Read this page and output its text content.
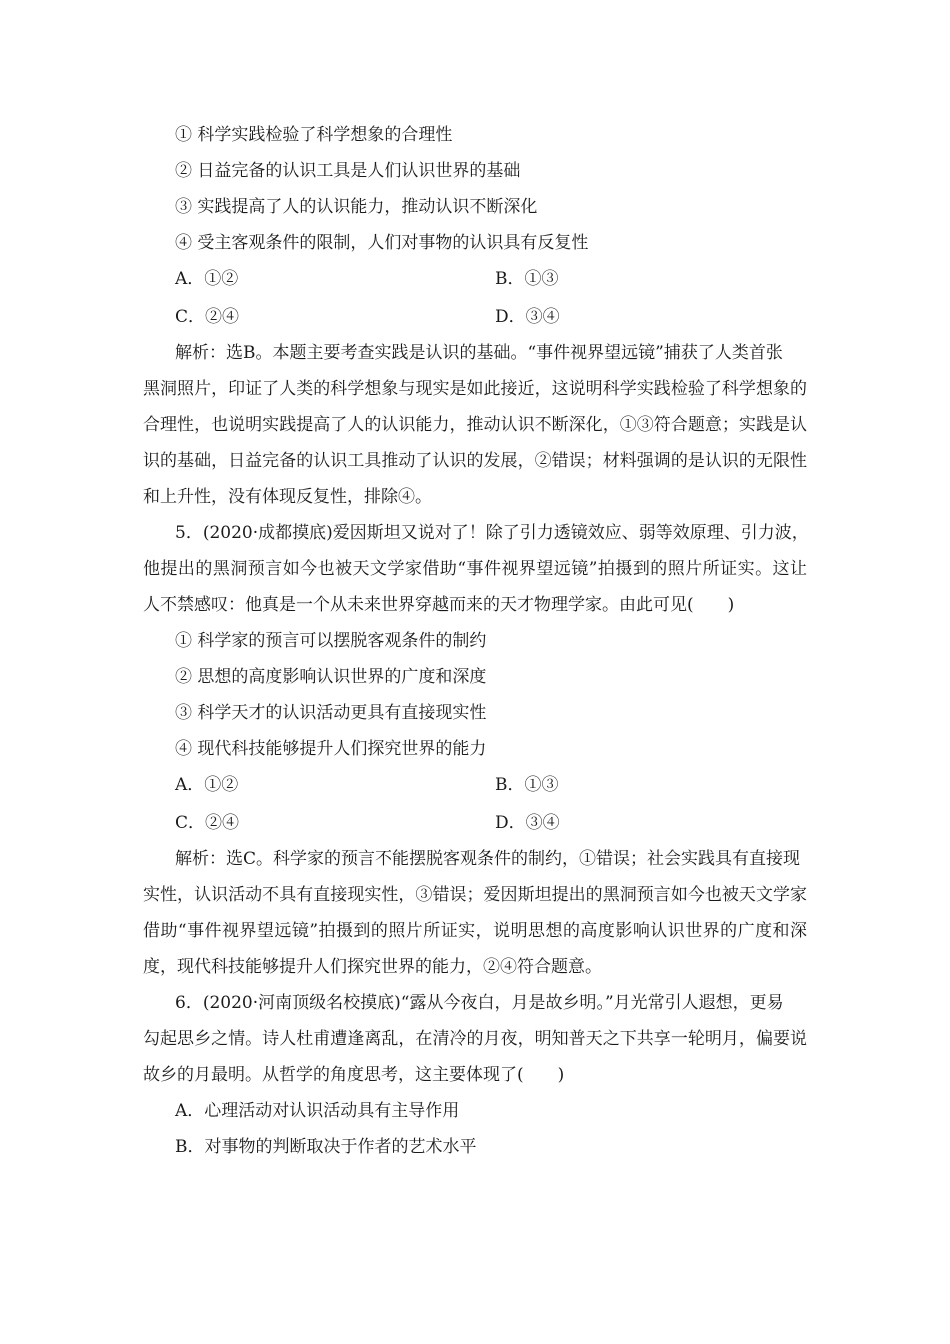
① 科学实践检验了科学想象的合理性
② 日益完备的认识工具是人们认识世界的基础
③ 实践提高了人的认识能力，推动认识不断深化
④ 受主客观条件的限制，人们对事物的认识具有反复性
A．①②	B．①③
C．②④	D．③④
解析：选B。本题主要考查实践是认识的基础。“事件视界望远镜”捕获了人类首张
黑洞照片，印证了人类的科学想象与现实是如此接近，这说明科学实践检验了科学想象的
合理性，也说明实践提高了人的认识能力，推动认识不断深化，①③符合题意；实践是认
识的基础，日益完备的认识工具推动了认识的发展，②错误；材料强调的是认识的无限性
和上升性，没有体现反复性，排除④。
5．(2020·成都摸底)爱因斯坦又说对了！除了引力透镜效应、弱等效原理、引力波，
他提出的黑洞预言如今也被天文学家借助“事件视界望远镜”拍摄到的照片所证实。这让
人不禁感叹：他真是一个从未来世界穿越而来的天才物理学家。由此可见(　　)
① 科学家的预言可以摆脱客观条件的制约
② 思想的高度影响认识世界的广度和深度
③ 科学天才的认识活动更具有直接现实性
④ 现代科技能够提升人们探究世界的能力
A．①②	B．①③
C．②④	D．③④
解析：选C。科学家的预言不能摆脱客观条件的制约，①错误；社会实践具有直接现
实性，认识活动不具有直接现实性，③错误；爱因斯坦提出的黑洞预言如今也被天文学家
借助“事件视界望远镜”拍摄到的照片所证实，说明思想的高度影响认识世界的广度和深
度，现代科技能够提升人们探究世界的能力，②④符合题意。
6．(2020·河南顶级名校摸底)“露从今夜白，月是故乡明。”月光常引人遐想，更易
勾起思乡之情。诗人杜甫遭逢离乱，在清冷的月夜，明知普天之下共享一轮明月，偏要说
故乡的月最明。从哲学的角度思考，这主要体现了(　　)
A．心理活动对认识活动具有主导作用
B．对事物的判断取决于作者的艺术水平
